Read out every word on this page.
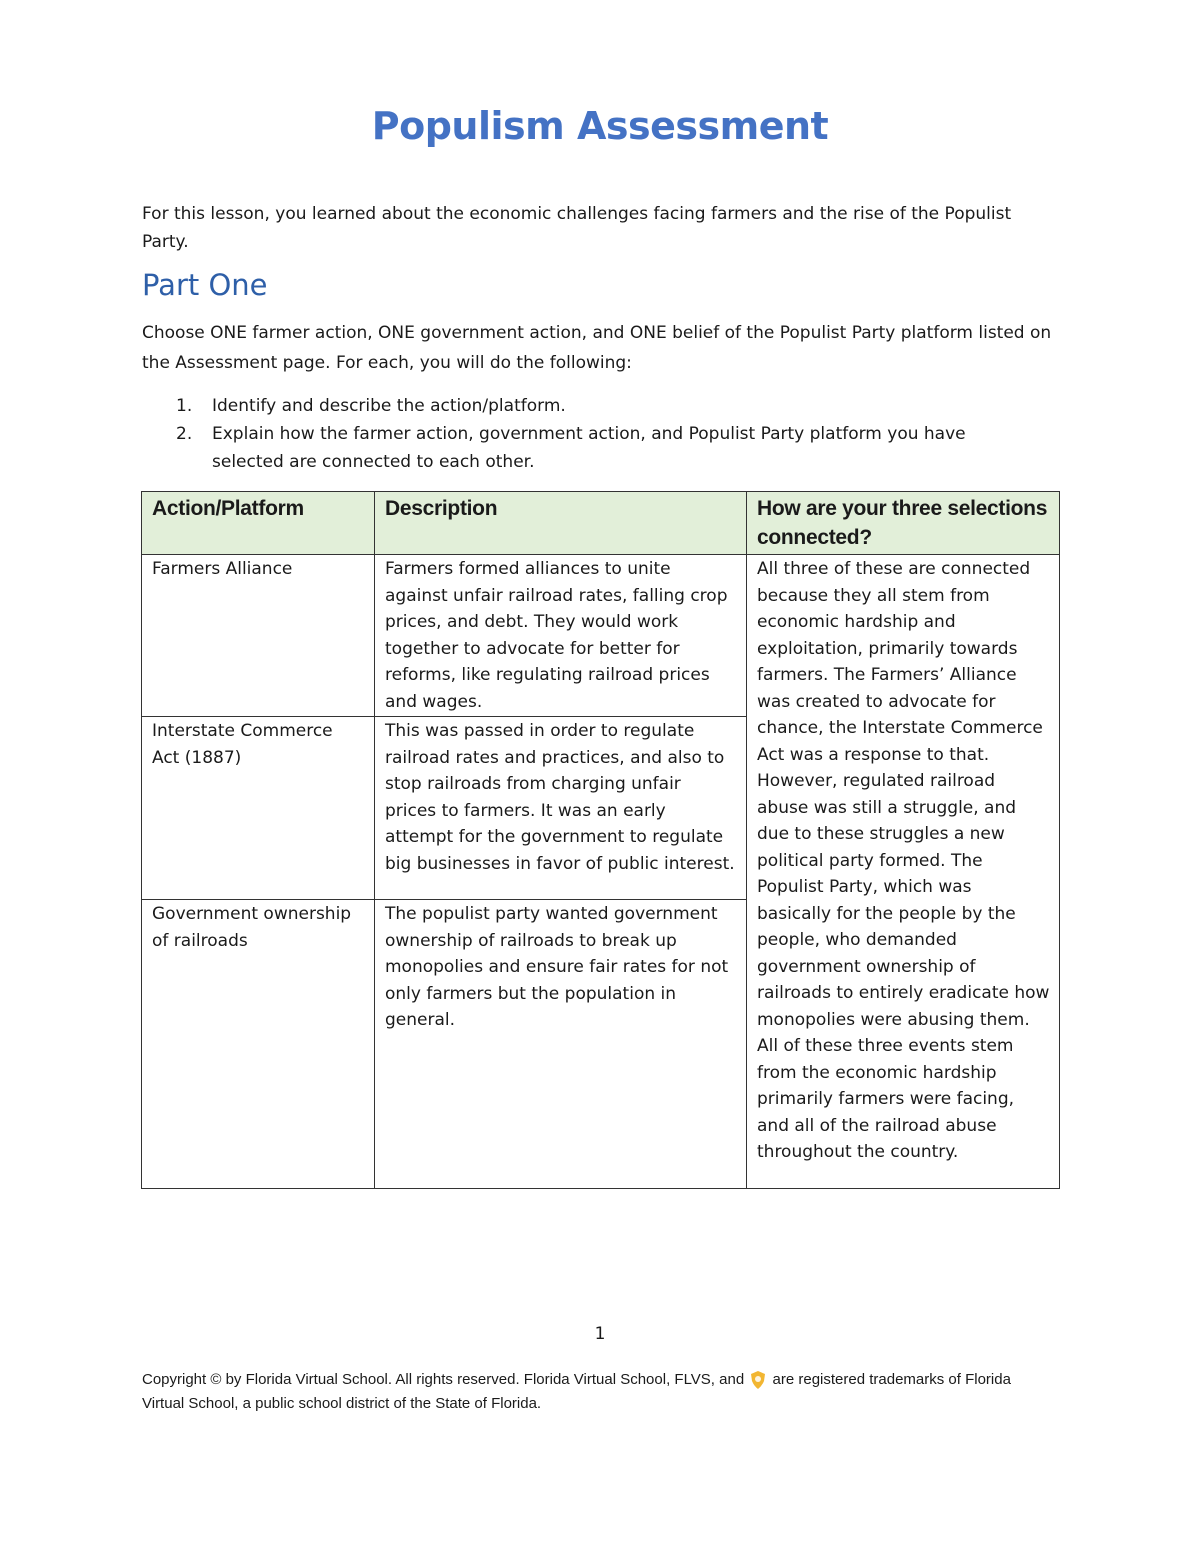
Populism Assessment
For this lesson, you learned about the economic challenges facing farmers and the rise of the Populist Party.
Part One
Choose ONE farmer action, ONE government action, and ONE belief of the Populist Party platform listed on the Assessment page. For each, you will do the following:
1. Identify and describe the action/platform.
2. Explain how the farmer action, government action, and Populist Party platform you have selected are connected to each other.
Action/Platform	Description	How are your three selections connected?
Farmers Alliance	Farmers formed alliances to unite against unfair railroad rates, falling crop prices, and debt. They would work together to advocate for better for reforms, like regulating railroad prices and wages.	All three of these are connected because they all stem from economic hardship and exploitation, primarily towards farmers. The Farmers’ Alliance was created to advocate for chance, the Interstate Commerce Act was a response to that. However, regulated railroad abuse was still a struggle, and due to these struggles a new political party formed. The Populist Party, which was basically for the people by the people, who demanded government ownership of railroads to entirely eradicate how monopolies were abusing them. All of these three events stem from the economic hardship primarily farmers were facing, and all of the railroad abuse throughout the country.
Interstate Commerce Act (1887)	This was passed in order to regulate railroad rates and practices, and also to stop railroads from charging unfair prices to farmers. It was an early attempt for the government to regulate big businesses in favor of public interest.	
Government ownership of railroads	The populist party wanted government ownership of railroads to break up monopolies and ensure fair rates for not only farmers but the population in general.	
1
Copyright © by Florida Virtual School. All rights reserved. Florida Virtual School, FLVS, and are registered trademarks of Florida Virtual School, a public school district of the State of Florida.
